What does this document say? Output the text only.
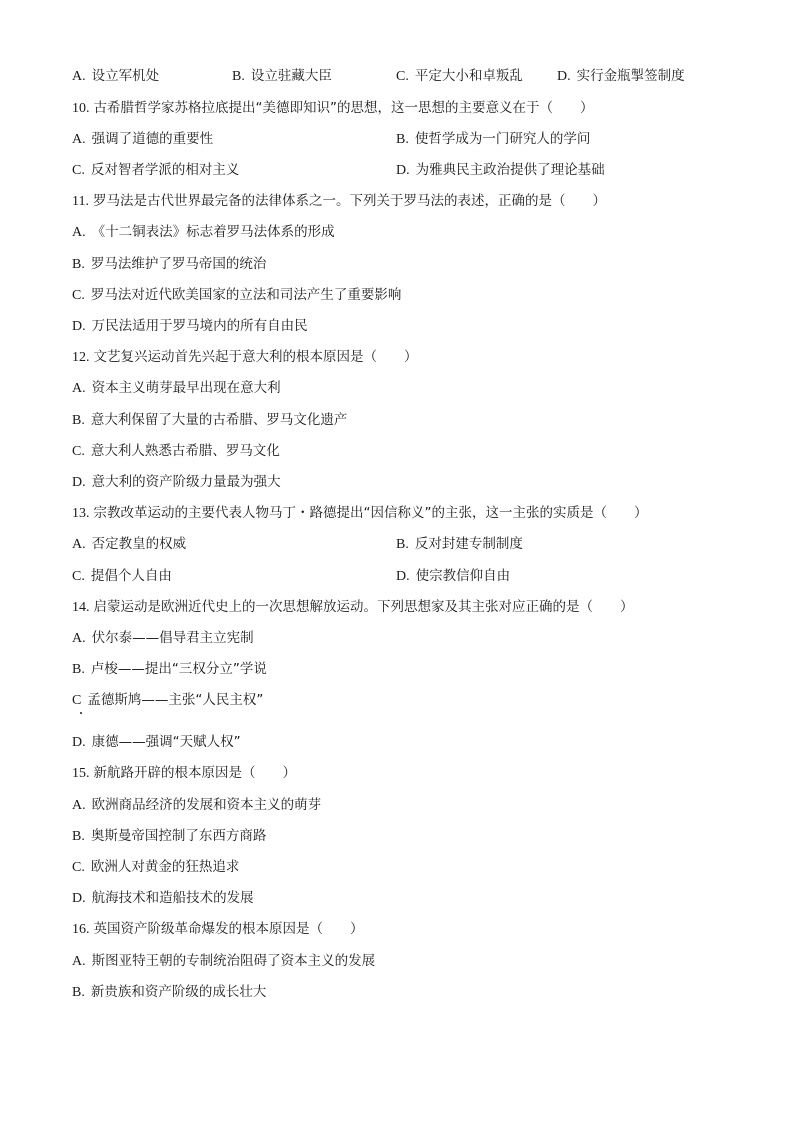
A. 设立军机处	B. 设立驻藏大臣	C. 平定大小和卓叛乱 D. 实行金瓶掣签制度
10. 古希腊哲学家苏格拉底提出“美德即知识”的思想，这一思想的主要意义在于（　　）
A. 强调了道德的重要性	B. 使哲学成为一门研究人的学问
C. 反对智者学派的相对主义	D. 为雅典民主政治提供了理论基础
11. 罗马法是古代世界最完备的法律体系之一。下列关于罗马法的表述，正确的是（　　）
A. 《十二铜表法》标志着罗马法体系的形成
B. 罗马法维护了罗马帝国的统治
C. 罗马法对近代欧美国家的立法和司法产生了重要影响
D. 万民法适用于罗马境内的所有自由民
12. 文艺复兴运动首先兴起于意大利的根本原因是（　　）
A. 资本主义萌芽最早出现在意大利
B. 意大利保留了大量的古希腊、罗马文化遗产
C. 意大利人熟悉古希腊、罗马文化
D. 意大利的资产阶级力量最为强大
13. 宗教改革运动的主要代表人物马丁・路德提出“因信称义”的主张，这一主张的实质是（　　）
A. 否定教皇的权威	B. 反对封建专制制度
C. 提倡个人自由	D. 使宗教信仰自由
14. 启蒙运动是欧洲近代史上的一次思想解放运动。下列思想家及其主张对应正确的是（　　）
A. 伏尔泰——倡导君主立宪制
B. 卢梭——提出“三权分立”学说
C 孟德斯鸠——主张“人民主权”
D. 康德——强调“天赋人权”
15. 新航路开辟的根本原因是（　　）
A. 欧洲商品经济的发展和资本主义的萌芽
B. 奥斯曼帝国控制了东西方商路
C. 欧洲人对黄金的狂热追求
D. 航海技术和造船技术的发展
16. 英国资产阶级革命爆发的根本原因是（　　）
A. 斯图亚特王朝的专制统治阻碍了资本主义的发展
B. 新贵族和资产阶级的成长壮大
